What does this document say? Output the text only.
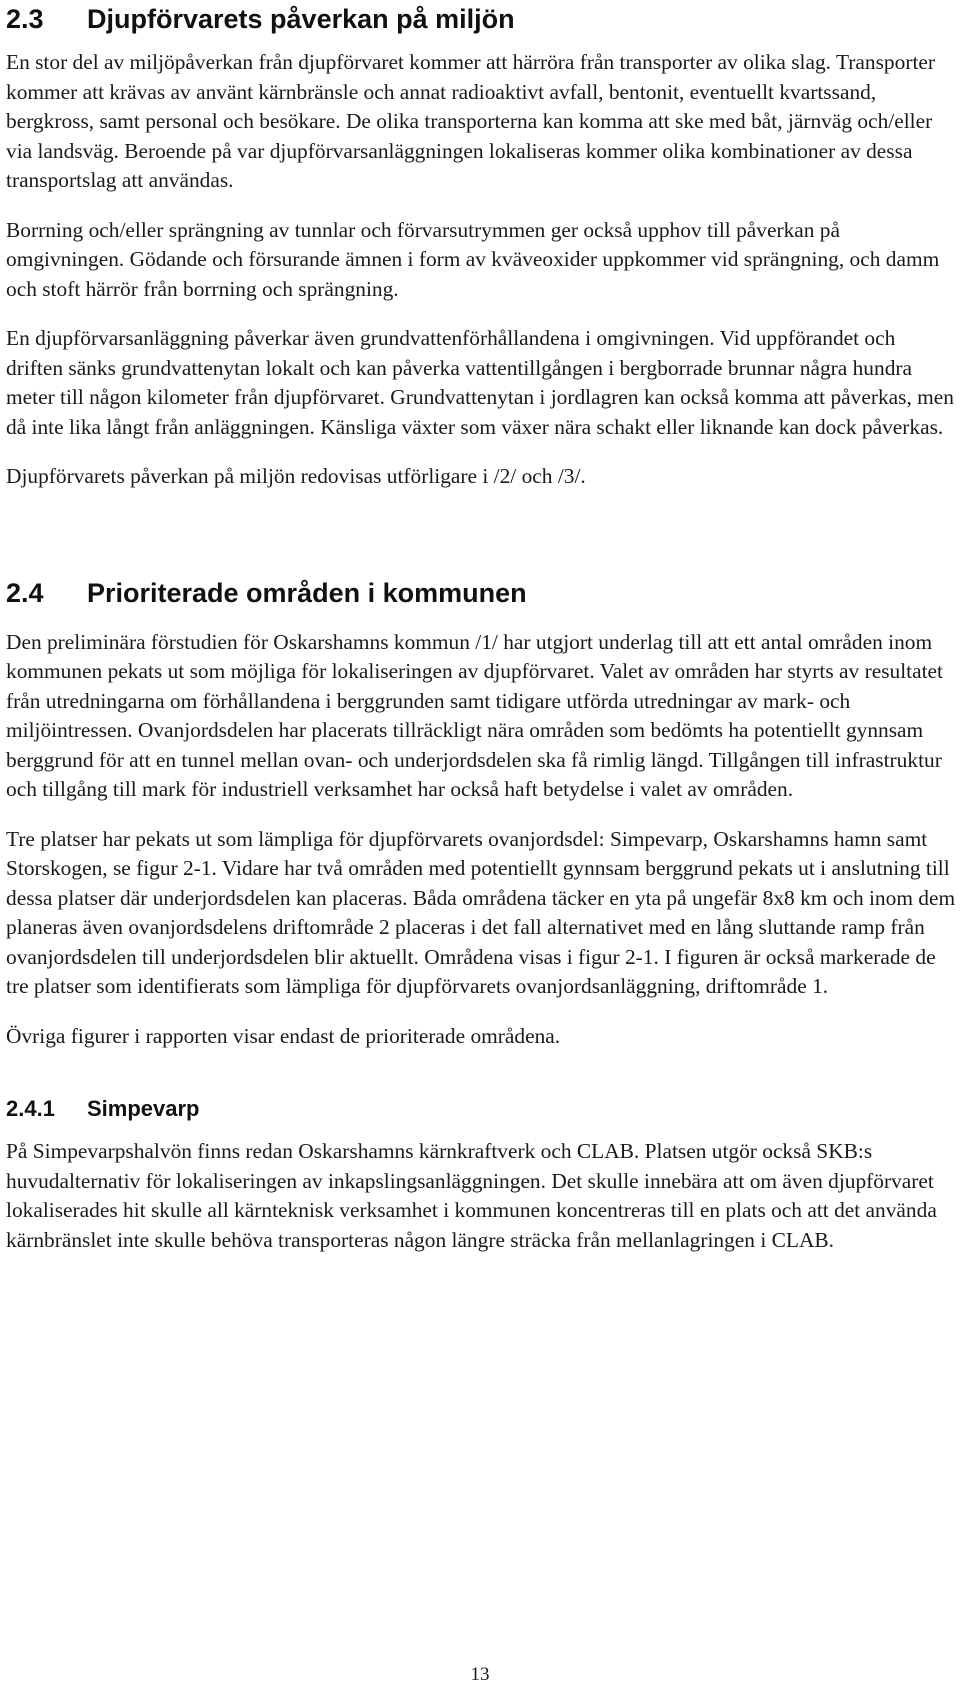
2.3	Djupförvarets påverkan på miljön

En stor del av miljöpåverkan från djupförvaret kommer att härröra från transporter av olika slag. Transporter kommer att krävas av använt kärnbränsle och annat radioaktivt avfall, bentonit, eventuellt kvartssand, bergkross, samt personal och besökare. De olika transporterna kan komma att ske med båt, järnväg och/eller via landsväg. Beroende på var djupförvarsanläggningen lokaliseras kommer olika kombinationer av dessa transportslag att användas.

Borrning och/eller sprängning av tunnlar och förvarsutrymmen ger också upphov till påverkan på omgivningen. Gödande och försurande ämnen i form av kväveoxider uppkommer vid sprängning, och damm och stoft härrör från borrning och sprängning.

En djupförvarsanläggning påverkar även grundvattenförhållandena i omgivningen. Vid uppförandet och driften sänks grundvattenytan lokalt och kan påverka vattentillgången i bergborrade brunnar några hundra meter till någon kilometer från djupförvaret. Grundvattenytan i jordlagren kan också komma att påverkas, men då inte lika långt från anläggningen. Känsliga växter som växer nära schakt eller liknande kan dock påverkas.

Djupförvarets påverkan på miljön redovisas utförligare i /2/ och /3/.

2.4	Prioriterade områden i kommunen

Den preliminära förstudien för Oskarshamns kommun /1/ har utgjort underlag till att ett antal områden inom kommunen pekats ut som möjliga för lokaliseringen av djupförvaret. Valet av områden har styrts av resultatet från utredningarna om förhållandena i berggrunden samt tidigare utförda utredningar av mark- och miljöintressen. Ovanjordsdelen har placerats tillräckligt nära områden som bedömts ha potentiellt gynnsam berggrund för att en tunnel mellan ovan- och underjordsdelen ska få rimlig längd. Tillgången till infrastruktur och tillgång till mark för industriell verksamhet har också haft betydelse i valet av områden.

Tre platser har pekats ut som lämpliga för djupförvarets ovanjordsdel: Simpevarp, Oskarshamns hamn samt Storskogen, se figur 2-1. Vidare har två områden med potentiellt gynnsam berggrund pekats ut i anslutning till dessa platser där underjordsdelen kan placeras. Båda områdena täcker en yta på ungefär 8x8 km och inom dem planeras även ovanjordsdelens driftområde 2 placeras i det fall alternativet med en lång sluttande ramp från ovanjordsdelen till underjordsdelen blir aktuellt. Områdena visas i figur 2-1. I figuren är också markerade de tre platser som identifierats som lämpliga för djupförvarets ovanjordsanläggning, driftområde 1.

Övriga figurer i rapporten visar endast de prioriterade områdena.

2.4.1	Simpevarp

På Simpevarpshalvön finns redan Oskarshamns kärnkraftverk och CLAB. Platsen utgör också SKB:s huvudalternativ för lokaliseringen av inkapslingsanläggningen. Det skulle innebära att om även djupförvaret lokaliserades hit skulle all kärnteknisk verksamhet i kommunen koncentreras till en plats och att det använda kärnbränslet inte skulle behöva transporteras någon längre sträcka från mellanlagringen i CLAB.

13
